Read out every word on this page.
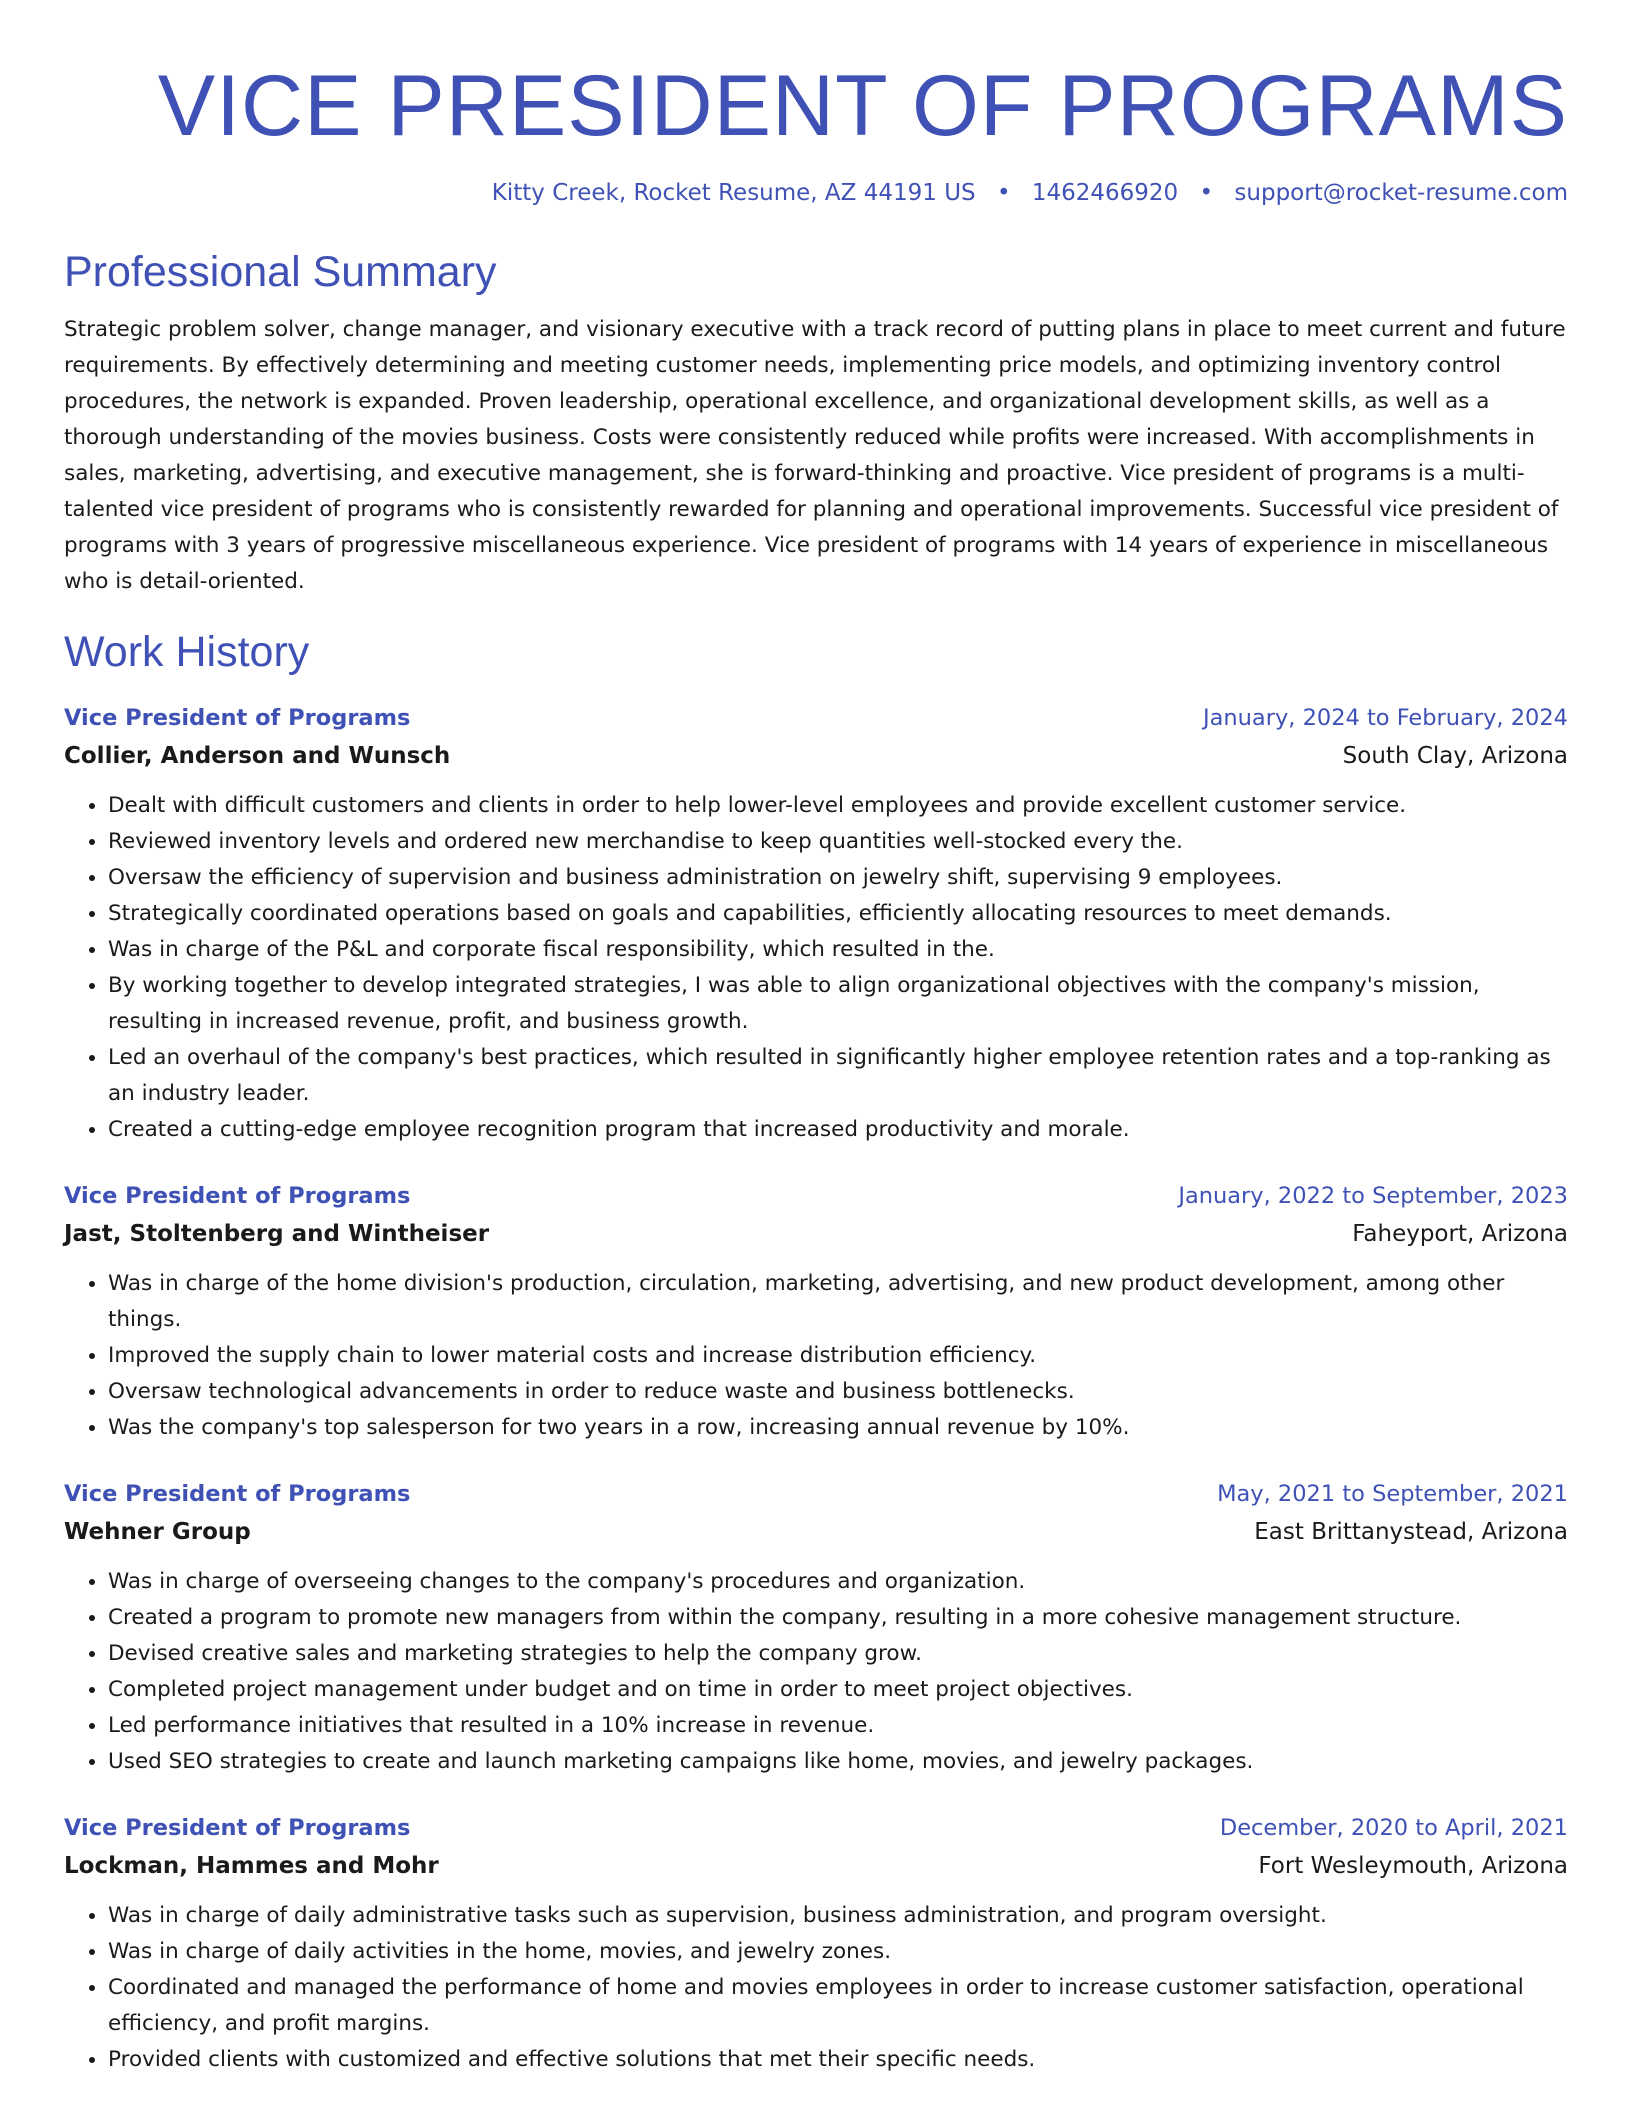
VICE PRESIDENT OF PROGRAMS
Kitty Creek, Rocket Resume, AZ 44191 US • 1462466920 • support@rocket-resume.com
Professional Summary
Strategic problem solver, change manager, and visionary executive with a track record of putting plans in place to meet current and future requirements. By effectively determining and meeting customer needs, implementing price models, and optimizing inventory control procedures, the network is expanded. Proven leadership, operational excellence, and organizational development skills, as well as a thorough understanding of the movies business. Costs were consistently reduced while profits were increased. With accomplishments in sales, marketing, advertising, and executive management, she is forward-thinking and proactive. Vice president of programs is a multi-talented vice president of programs who is consistently rewarded for planning and operational improvements. Successful vice president of programs with 3 years of progressive miscellaneous experience. Vice president of programs with 14 years of experience in miscellaneous who is detail-oriented.
Work History
Vice President of Programs	January, 2024 to February, 2024
Collier, Anderson and Wunsch	South Clay, Arizona
• Dealt with difficult customers and clients in order to help lower-level employees and provide excellent customer service.
• Reviewed inventory levels and ordered new merchandise to keep quantities well-stocked every the.
• Oversaw the efficiency of supervision and business administration on jewelry shift, supervising 9 employees.
• Strategically coordinated operations based on goals and capabilities, efficiently allocating resources to meet demands.
• Was in charge of the P&L and corporate fiscal responsibility, which resulted in the.
• By working together to develop integrated strategies, I was able to align organizational objectives with the company's mission, resulting in increased revenue, profit, and business growth.
• Led an overhaul of the company's best practices, which resulted in significantly higher employee retention rates and a top-ranking as an industry leader.
• Created a cutting-edge employee recognition program that increased productivity and morale.
Vice President of Programs	January, 2022 to September, 2023
Jast, Stoltenberg and Wintheiser	Faheyport, Arizona
• Was in charge of the home division's production, circulation, marketing, advertising, and new product development, among other things.
• Improved the supply chain to lower material costs and increase distribution efficiency.
• Oversaw technological advancements in order to reduce waste and business bottlenecks.
• Was the company's top salesperson for two years in a row, increasing annual revenue by 10%.
Vice President of Programs	May, 2021 to September, 2021
Wehner Group	East Brittanystead, Arizona
• Was in charge of overseeing changes to the company's procedures and organization.
• Created a program to promote new managers from within the company, resulting in a more cohesive management structure.
• Devised creative sales and marketing strategies to help the company grow.
• Completed project management under budget and on time in order to meet project objectives.
• Led performance initiatives that resulted in a 10% increase in revenue.
• Used SEO strategies to create and launch marketing campaigns like home, movies, and jewelry packages.
Vice President of Programs	December, 2020 to April, 2021
Lockman, Hammes and Mohr	Fort Wesleymouth, Arizona
• Was in charge of daily administrative tasks such as supervision, business administration, and program oversight.
• Was in charge of daily activities in the home, movies, and jewelry zones.
• Coordinated and managed the performance of home and movies employees in order to increase customer satisfaction, operational efficiency, and profit margins.
• Provided clients with customized and effective solutions that met their specific needs.
